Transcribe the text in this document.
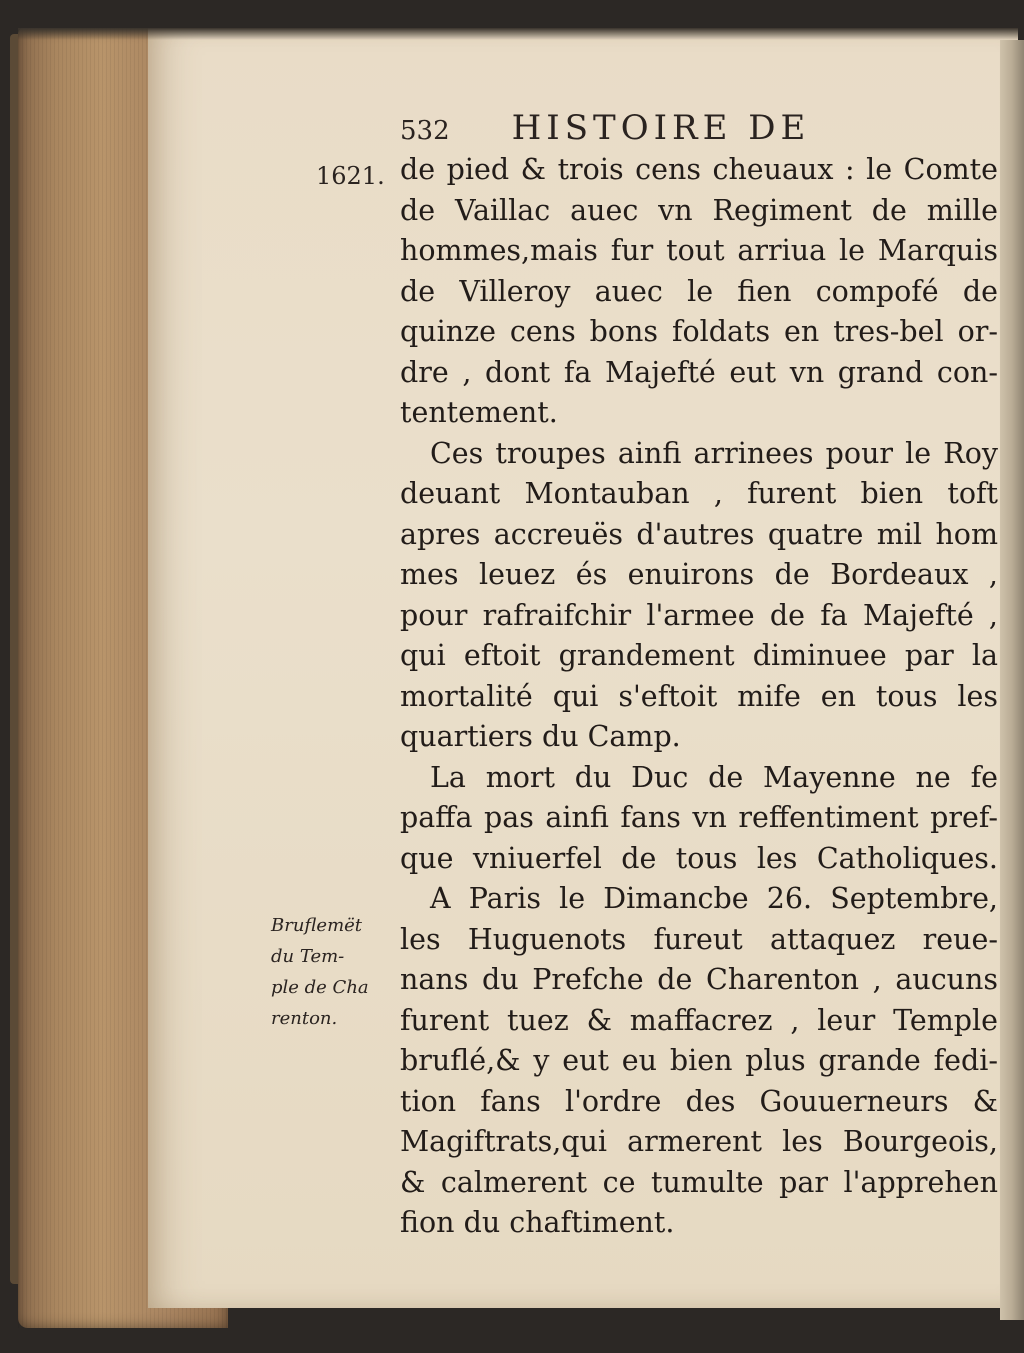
532 HISTOIRE DE
1621. de pied & trois cens cheuaux : le Comte
de Vaillac auec vn Regiment de mille
hommes,mais fur tout arriua le Marquis
de Villeroy auec le fien compofé de
quinze cens bons foldats en tres-bel or-
dre , dont fa Majefté eut vn grand con-
tentement.
Ces troupes ainfi arrinees pour le Roy
deuant Montauban , furent bien toft
apres accreuës d'autres quatre mil hom
mes leuez és enuirons de Bordeaux ,
pour rafraifchir l'armee de fa Majefté ,
qui eftoit grandement diminuee par la
mortalité qui s'eftoit mife en tous les
quartiers du Camp.
La mort du Duc de Mayenne ne fe
paffa pas ainfi fans vn reffentiment pref-
que vniuerfel de tous les Catholiques.
A Paris le Dimancbe 26. Septembre,
les Huguenots fureut attaquez reue-
nans du Prefche de Charenton , aucuns
furent tuez & maffacrez , leur Temple
bruflé,& y eut eu bien plus grande fedi-
tion fans l'ordre des Gouuerneurs &
Magiftrats,qui armerent les Bourgeois,
& calmerent ce tumulte par l'apprehen
fion du chaftiment.
Bruflemët
du Tem-
ple de Cha
renton.
